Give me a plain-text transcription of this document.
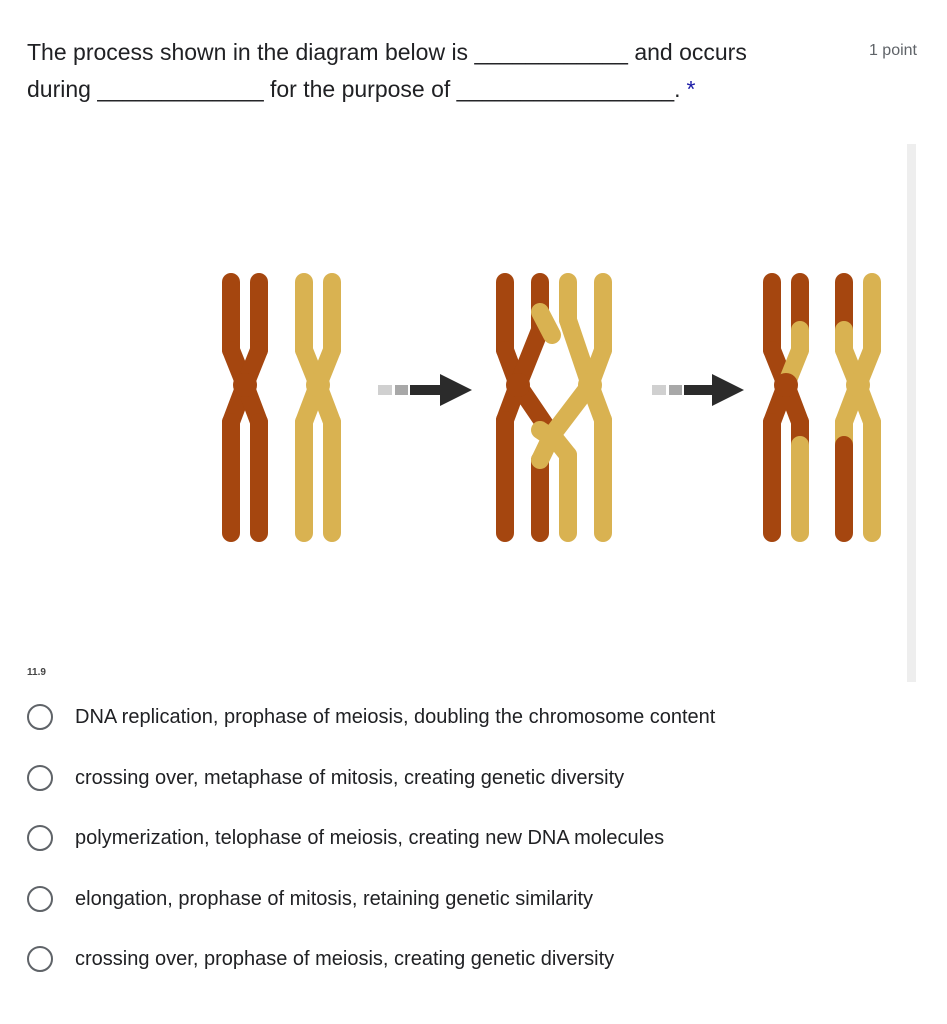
The process shown in the diagram below is ____________ and occurs
during _____________ for the purpose of _________________. *
1 point
11.9
DNA replication, prophase of meiosis, doubling the chromosome content
crossing over, metaphase of mitosis, creating genetic diversity
polymerization, telophase of meiosis, creating new DNA molecules
elongation, prophase of mitosis, retaining genetic similarity
crossing over, prophase of meiosis, creating genetic diversity
